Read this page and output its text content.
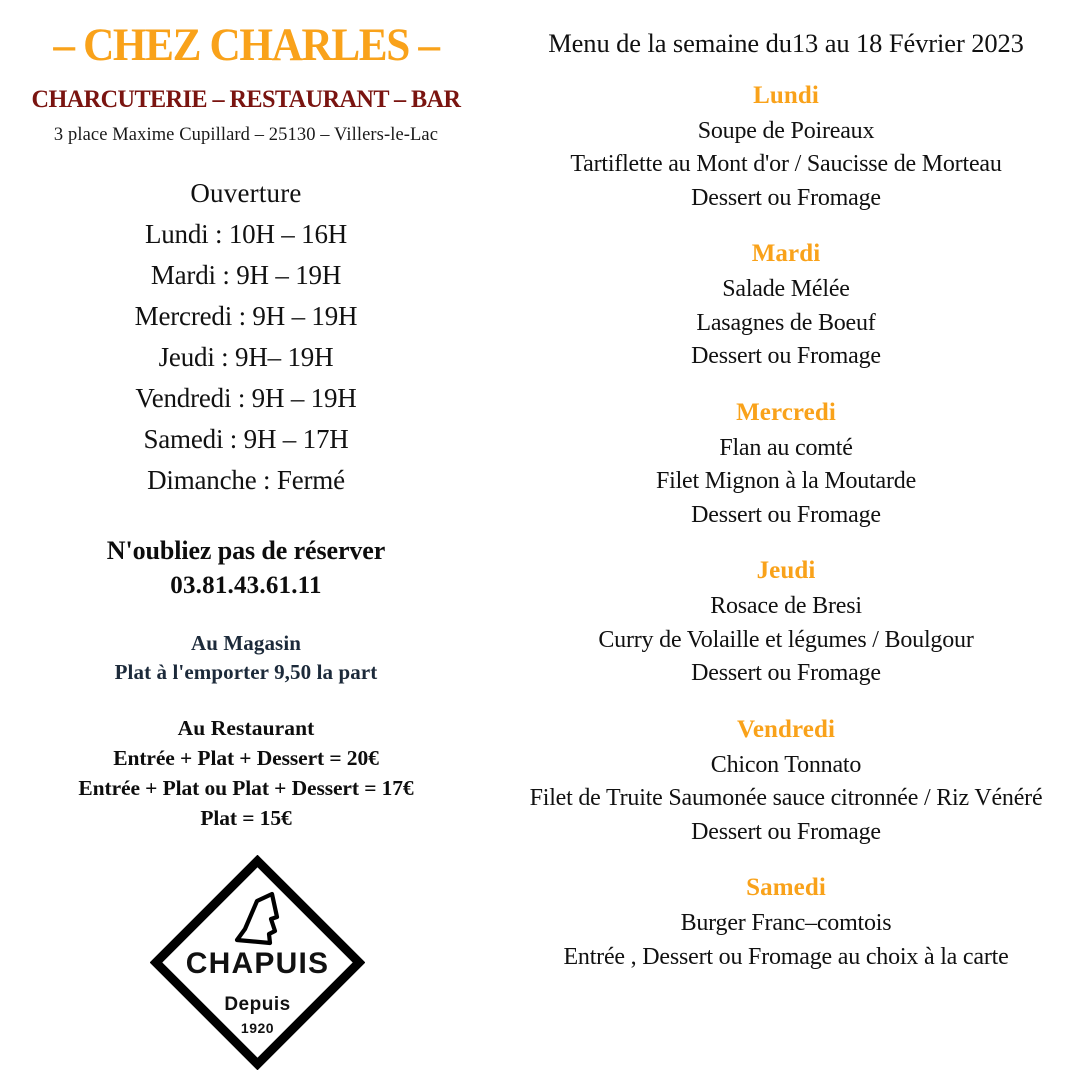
– CHEZ CHARLES –
CHARCUTERIE – RESTAURANT – BAR
3 place Maxime Cupillard – 25130 – Villers-le-Lac
Ouverture
Lundi : 10H – 16H
Mardi : 9H – 19H
Mercredi : 9H – 19H
Jeudi : 9H– 19H
Vendredi : 9H – 19H
Samedi : 9H – 17H
Dimanche : Fermé
N'oubliez pas de réserver
03.81.43.61.11
Au Magasin
Plat à l'emporter 9,50 la part
Au Restaurant
Entrée + Plat + Dessert = 20€
Entrée + Plat ou Plat + Dessert = 17€
Plat = 15€
CHAPUIS
Depuis
1920
Menu de la semaine du13 au 18 Février 2023
Lundi
Soupe de Poireaux
Tartiflette au Mont d'or / Saucisse de Morteau
Dessert ou Fromage
Mardi
Salade Mélée
Lasagnes de Boeuf
Dessert ou Fromage
Mercredi
Flan au comté
Filet Mignon à la Moutarde
Dessert ou Fromage
Jeudi
Rosace de Bresi
Curry de Volaille et légumes / Boulgour
Dessert ou Fromage
Vendredi
Chicon Tonnato
Filet de Truite Saumonée sauce citronnée / Riz Vénéré
Dessert ou Fromage
Samedi
Burger Franc–comtois
Entrée , Dessert ou Fromage au choix à la carte
